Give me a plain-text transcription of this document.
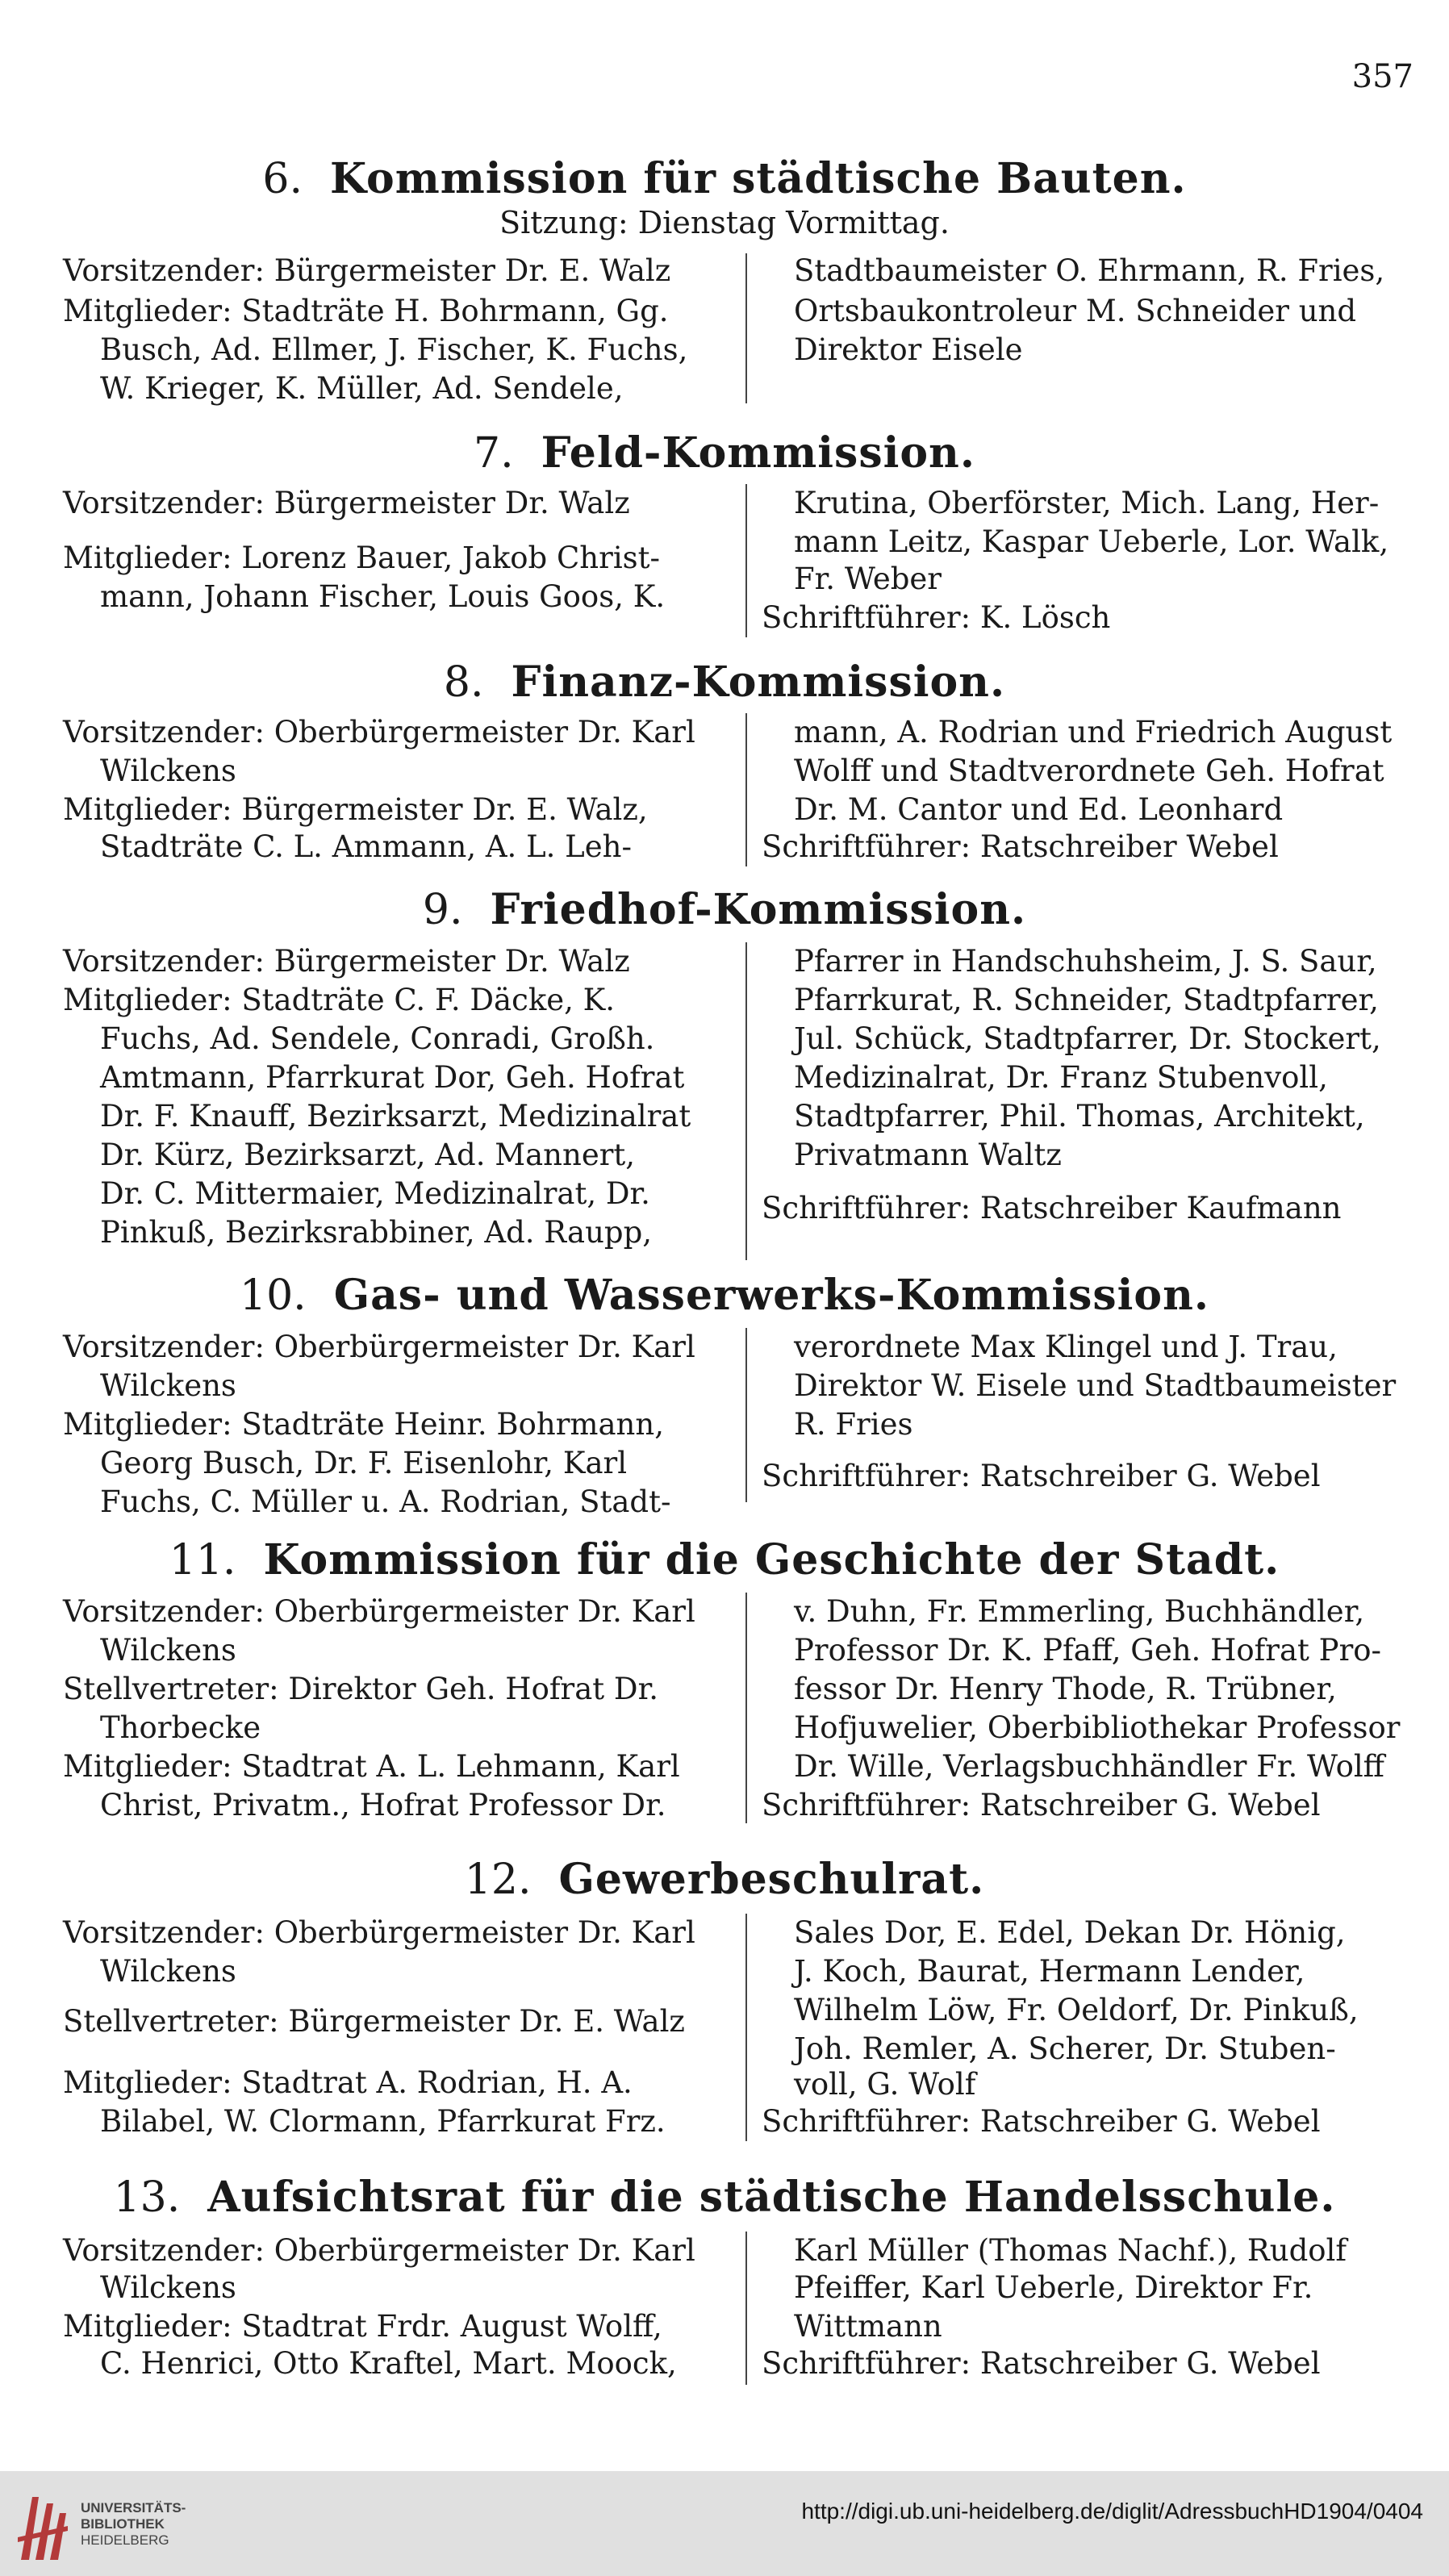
357
6. Kommission für städtische Bauten.
Sitzung: Dienstag Vormittag.
Vorsitzender: Bürgermeister Dr. E. Walz
Mitglieder: Stadträte H. Bohrmann, Gg.
Busch, Ad. Ellmer, J. Fischer, K. Fuchs,
W. Krieger, K. Müller, Ad. Sendele,
Stadtbaumeister O. Ehrmann, R. Fries,
Ortsbaukontroleur M. Schneider und
Direktor Eisele
7. Feld-Kommission.
Vorsitzender: Bürgermeister Dr. Walz
Mitglieder: Lorenz Bauer, Jakob Christ-
mann, Johann Fischer, Louis Goos, K.
Krutina, Oberförster, Mich. Lang, Her-
mann Leitz, Kaspar Ueberle, Lor. Walk,
Fr. Weber
Schriftführer: K. Lösch
8. Finanz-Kommission.
Vorsitzender: Oberbürgermeister Dr. Karl
Wilckens
Mitglieder: Bürgermeister Dr. E. Walz,
Stadträte C. L. Ammann, A. L. Leh-
mann, A. Rodrian und Friedrich August
Wolff und Stadtverordnete Geh. Hofrat
Dr. M. Cantor und Ed. Leonhard
Schriftführer: Ratschreiber Webel
9. Friedhof-Kommission.
Vorsitzender: Bürgermeister Dr. Walz
Mitglieder: Stadträte C. F. Däcke, K.
Fuchs, Ad. Sendele, Conradi, Großh.
Amtmann, Pfarrkurat Dor, Geh. Hofrat
Dr. F. Knauff, Bezirksarzt, Medizinalrat
Dr. Kürz, Bezirksarzt, Ad. Mannert,
Dr. C. Mittermaier, Medizinalrat, Dr.
Pinkuß, Bezirksrabbiner, Ad. Raupp,
Pfarrer in Handschuhsheim, J. S. Saur,
Pfarrkurat, R. Schneider, Stadtpfarrer,
Jul. Schück, Stadtpfarrer, Dr. Stockert,
Medizinalrat, Dr. Franz Stubenvoll,
Stadtpfarrer, Phil. Thomas, Architekt,
Privatmann Waltz
Schriftführer: Ratschreiber Kaufmann
10. Gas- und Wasserwerks-Kommission.
Vorsitzender: Oberbürgermeister Dr. Karl
Wilckens
Mitglieder: Stadträte Heinr. Bohrmann,
Georg Busch, Dr. F. Eisenlohr, Karl
Fuchs, C. Müller u. A. Rodrian, Stadt-
verordnete Max Klingel und J. Trau,
Direktor W. Eisele und Stadtbaumeister
R. Fries
Schriftführer: Ratschreiber G. Webel
11. Kommission für die Geschichte der Stadt.
Vorsitzender: Oberbürgermeister Dr. Karl
Wilckens
Stellvertreter: Direktor Geh. Hofrat Dr.
Thorbecke
Mitglieder: Stadtrat A. L. Lehmann, Karl
Christ, Privatm., Hofrat Professor Dr.
v. Duhn, Fr. Emmerling, Buchhändler,
Professor Dr. K. Pfaff, Geh. Hofrat Pro-
fessor Dr. Henry Thode, R. Trübner,
Hofjuwelier, Oberbibliothekar Professor
Dr. Wille, Verlagsbuchhändler Fr. Wolff
Schriftführer: Ratschreiber G. Webel
12. Gewerbeschulrat.
Vorsitzender: Oberbürgermeister Dr. Karl
Wilckens
Stellvertreter: Bürgermeister Dr. E. Walz
Mitglieder: Stadtrat A. Rodrian, H. A.
Bilabel, W. Clormann, Pfarrkurat Frz.
Sales Dor, E. Edel, Dekan Dr. Hönig,
J. Koch, Baurat, Hermann Lender,
Wilhelm Löw, Fr. Oeldorf, Dr. Pinkuß,
Joh. Remler, A. Scherer, Dr. Stuben-
voll, G. Wolf
Schriftführer: Ratschreiber G. Webel
13. Aufsichtsrat für die städtische Handelsschule.
Vorsitzender: Oberbürgermeister Dr. Karl
Wilckens
Mitglieder: Stadtrat Frdr. August Wolff,
C. Henrici, Otto Kraftel, Mart. Moock,
Karl Müller (Thomas Nachf.), Rudolf
Pfeiffer, Karl Ueberle, Direktor Fr.
Wittmann
Schriftführer: Ratschreiber G. Webel
UNIVERSITÄTS-
BIBLIOTHEK
HEIDELBERG
http://digi.ub.uni-heidelberg.de/diglit/AdressbuchHD1904/0404
